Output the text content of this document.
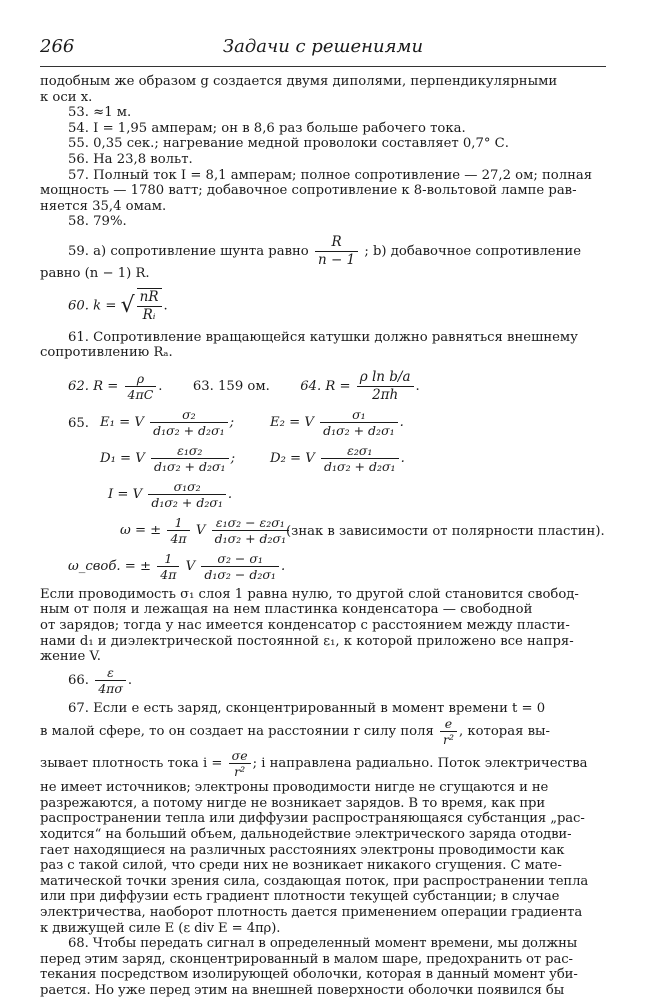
266	Задачи с решениями
подобным же образом g создается двумя диполями, перпендикулярными
к оси x.
53. ≈1 м.
54. I = 1,95 амперам; он в 8,6 раз больше рабочего тока.
55. 0,35 сек.; нагревание медной проволоки составляет 0,7° С.
56. На 23,8 вольт.
57. Полный ток I = 8,1 амперам; полное сопротивление — 27,2 ом; полная
мощность — 1780 ватт; добавочное сопротивление к 8-вольтовой лампе рав-
няется 35,4 омам.
58. 79%.
59. a) сопротивление шунта равно $\frac{R}{n - 1}$ ; b) добавочное сопротивление
равно (n − 1) R.
60. k = √ $\frac{nR}{\text{Rᵢ}}$ .
61. Сопротивление вращающейся катушки должно равняться внешнему
сопротивлению Rₐ.
62. $R = \frac{\rho}{4\pi C}$ .  63. 159 ом. 64. $R = \frac{\text{ρ ln b/a}}{2\pi h}$ .
65. E₁ = V $\frac{\text{σ₂}}{\text{d₁σ₂ + d₂σ₁}}$ ;	E₂ = V $\frac{\text{σ₁}}{\text{d₁σ₂ + d₂σ₁}}$ .
D₁ = V $\frac{\text{ε₁σ₂}}{\text{d₁σ₂ + d₂σ₁}}$ ;	D₂ = V $\frac{\text{ε₂σ₁}}{\text{d₁σ₂ + d₂σ₁}}$ .
I = V $\frac{\text{σ₁σ₂}}{\text{d₁σ₂ + d₂σ₁}}$ .
ω = ± $\frac{1}{4\pi}$ V $\frac{\text{ε₁σ₂ − ε₂σ₁}}{\text{d₁σ₂ + d₂σ₁}}$
(знак в зависимости от полярности пластин).
ω_своб. = ± $\frac{1}{4\pi}$ V $\frac{\text{σ₂ − σ₁}}{\text{d₁σ₂ − d₂σ₁}}$ .
Если проводимость σ₁ слоя 1 равна нулю, то другой слой становится свобод-
ным от поля и лежащая на нем пластинка конденсатора — свободной
от зарядов; тогда у нас имеется конденсатор с расстоянием между пласти-
нами d₁ и диэлектрической постоянной ε₁, к которой приложено все напря-
жение V.
66. $\frac{\varepsilon}{4\pi\sigma}$ .
67. Если e есть заряд, сконцентрированный в момент времени t = 0
в малой сфере, то он создает на расстоянии r силу поля $\frac{e}{\text{r²}}$ , которая вы-
зывает плотность тока $i = \frac{\sigma e}{\text{r²}}$ ; i направлена радиально. Поток электричества
не имеет источников; электроны проводимости нигде не сгущаются и не
разрежаются, а потому нигде не возникает зарядов. В то время, как при
распространении тепла или диффузии распространяющаяся субстанция „рас-
ходится“ на больший объем, дальнодействие электрического заряда отодви-
гает находящиеся на различных расстояниях электроны проводимости как
раз с такой силой, что среди них не возникает никакого сгущения. С мате-
матической точки зрения сила, создающая поток, при распространении тепла
или при диффузии есть градиент плотности текущей субстанции; в случае
электричества, наоборот плотность дается применением операции градиента
к движущей силе E (ε div E = 4πρ).
68. Чтобы передать сигнал в определенный момент времени, мы должны
перед этим заряд, сконцентрированный в малом шаре, предохранить от рас-
текания посредством изолирующей оболочки, которая в данный момент уби-
рается. Но уже перед этим на внешней поверхности оболочки появился бы
